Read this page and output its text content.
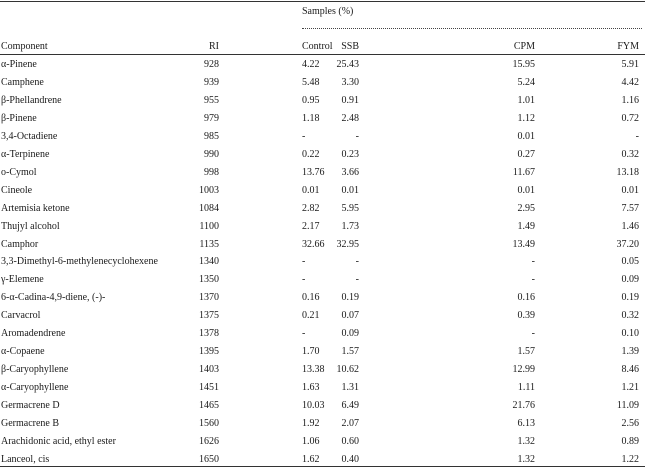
Samples (%)
Component	RI	Control SSB	CPM	FYM
α-Pinene	928	4.22 25.43	15.95	5.91
Camphene	939	5.48 3.30	5.24	4.42
β-Phellandrene	955	0.95 0.91	1.01	1.16
β-Pinene	979	1.18 2.48	1.12	0.72
3,4-Octadiene	985	-	-	0.01	-
α-Terpinene	990	0.22 0.23	0.27	0.32
o-Cymol	998	13.76 3.66	11.67	13.18
Cineole	1003	0.01 0.01	0.01	0.01
Artemisia ketone	1084	2.82 5.95	2.95	7.57
Thujyl alcohol	1100	2.17 1.73	1.49	1.46
Camphor	1135	32.66 32.95	13.49	37.20
3,3-Dimethyl-6-methylenecyclohexene	1340	-	-	-	0.05
γ-Elemene	1350	-	-	-	0.09
6-α-Cadina-4,9-diene, (-)-	1370	0.16 0.19	0.16	0.19
Carvacrol	1375	0.21 0.07	0.39	0.32
Aromadendrene	1378	-	0.09	-	0.10
α-Copaene	1395	1.70 1.57	1.57	1.39
β-Caryophyllene	1403	13.38 10.62	12.99	8.46
α-Caryophyllene	1451	1.63 1.31	1.11	1.21
Germacrene D	1465	10.03 6.49	21.76	11.09
Germacrene B	1560	1.92 2.07	6.13	2.56
Arachidonic acid, ethyl ester	1626	1.06 0.60	1.32	0.89
Lanceol, cis	1650	1.62 0.40	1.32	1.22
